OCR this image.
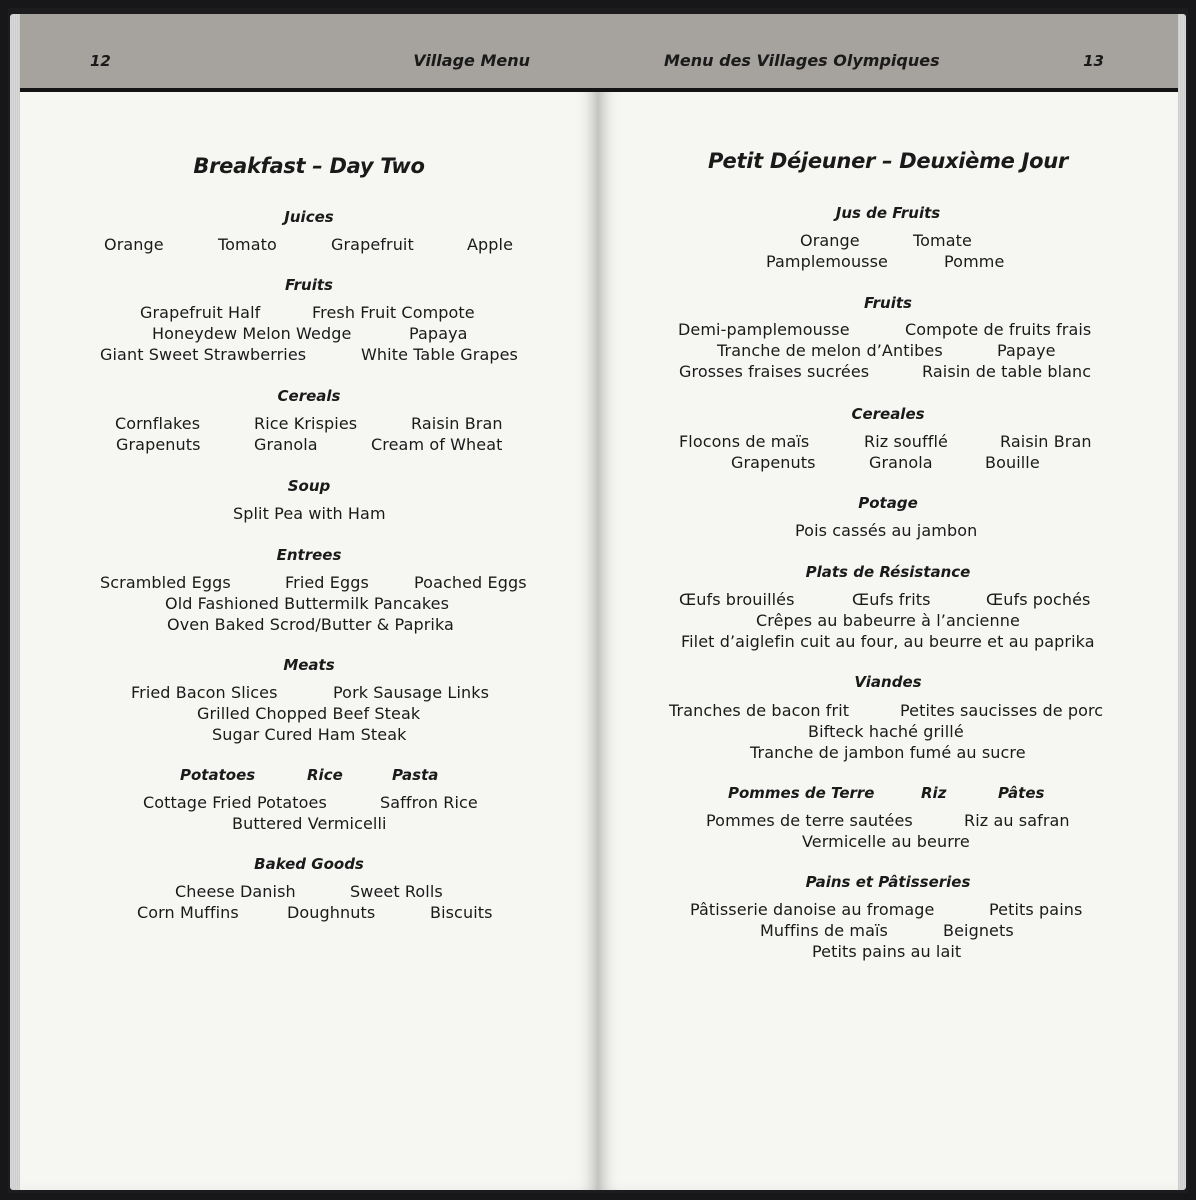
12	Village Menu
Breakfast – Day Two
Juices
Orange	Tomato	Grapefruit	Apple
Fruits
Grapefruit Half	Fresh Fruit Compote
Honeydew Melon Wedge	Papaya
Giant Sweet Strawberries	White Table Grapes
Cereals
Cornflakes	Rice Krispies	Raisin Bran
Grapenuts	Granola	Cream of Wheat
Soup
Split Pea with Ham
Entrees
Scrambled Eggs	Fried Eggs	Poached Eggs
Old Fashioned Buttermilk Pancakes
Oven Baked Scrod/Butter & Paprika
Meats
Fried Bacon Slices	Pork Sausage Links
Grilled Chopped Beef Steak
Sugar Cured Ham Steak
Potatoes	Rice	Pasta
Cottage Fried Potatoes	Saffron Rice
Buttered Vermicelli
Baked Goods
Cheese Danish	Sweet Rolls
Corn Muffins	Doughnuts	Biscuits
Menu des Villages Olympiques	13
Petit Déjeuner – Deuxième Jour
Jus de Fruits
Orange	Tomate
Pamplemousse	Pomme
Fruits
Demi-pamplemousse	Compote de fruits frais
Tranche de melon d’Antibes	Papaye
Grosses fraises sucrées	Raisin de table blanc
Cereales
Flocons de maïs	Riz soufflé	Raisin Bran
Grapenuts	Granola	Bouille
Potage
Pois cassés au jambon
Plats de Résistance
Œufs brouillés	Œufs frits	Œufs pochés
Crêpes au babeurre à l’ancienne
Filet d’aiglefin cuit au four, au beurre et au paprika
Viandes
Tranches de bacon frit	Petites saucisses de porc
Bifteck haché grillé
Tranche de jambon fumé au sucre
Pommes de Terre	Riz	Pâtes
Pommes de terre sautées	Riz au safran
Vermicelle au beurre
Pains et Pâtisseries
Pâtisserie danoise au fromage	Petits pains
Muffins de maïs	Beignets
Petits pains au lait
